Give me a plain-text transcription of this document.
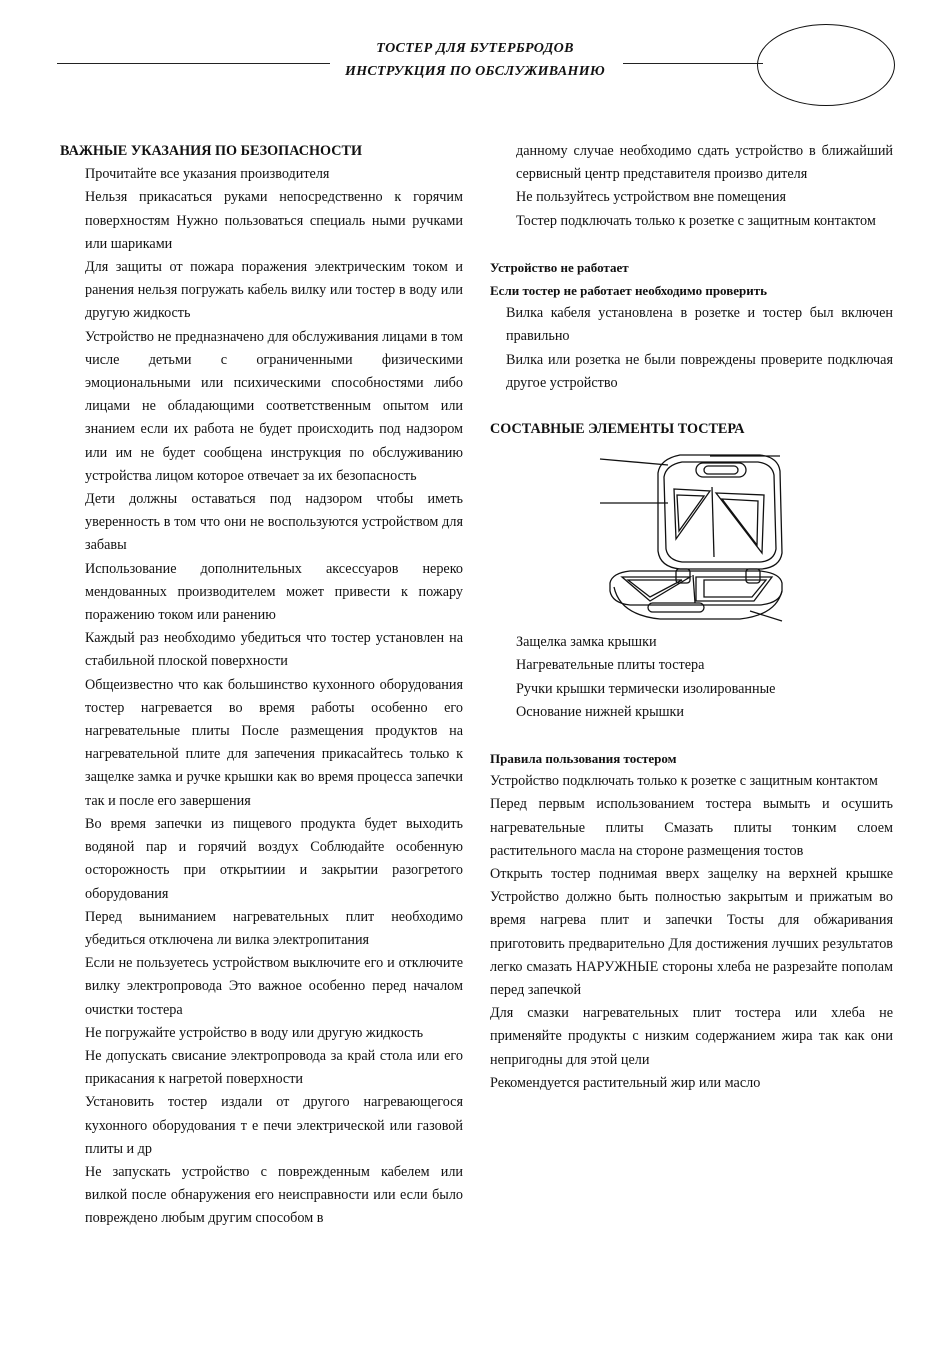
ТОСТЕР ДЛЯ БУТЕРБРОДОВ
ИНСТРУКЦИЯ ПО ОБСЛУЖИВАНИЮ
ВАЖНЫЕ УКАЗАНИЯ ПО БЕЗОПАСНОСТИ
Прочитайте все указания производителя
Нельзя прикасаться руками непосредственно к горячим поверхностям Нужно пользоваться специаль ными ручками или шариками
Для защиты от пожара поражения электрическим током и ранения нельзя погружать кабель вилку или тостер в воду или другую жидкость
Устройство не предназначено для обслуживания лицами в том числе детьми с ограниченными физическими эмоциональными или психическими способностями либо лицами не обладающими соответственным опытом или знанием если их работа не будет происходить под надзором или им не будет сообщена инструкция по обслуживанию устройства лицом которое отвечает за их безопасность
Дети должны оставаться под надзором чтобы иметь уверенность в том что они не воспользуются устройством для забавы
Использование дополнительных аксессуаров нереко мендованных производителем может привести к пожару поражению током или ранению
Каждый раз необходимо убедиться что тостер установлен на стабильной плоской поверхности
Общеизвестно что как большинство кухонного оборудования тостер нагревается во время работы особенно его нагревательные плиты После размещения продуктов на нагревательной плите для запечения прикасайтесь только к защелке замка и ручке крышки как во время процесса запечки так и после его завершения
Во время запечки из пищевого продукта будет выходить водяной пар и горячий воздух Соблюдайте особенную осторожность при открытиии и закрытии разогретого оборудования
Перед выниманием нагревательных плит необходимо убедиться отключена ли вилка электропитания
Если не пользуетесь устройством выключите его и отключите вилку электропровода Это важное особенно перед началом очистки тостера
Не погружайте устройство в воду или другую жидкость
Не допускать свисание электропровода за край стола или его прикасания к нагретой поверхности
Установить тостер издали от другого нагревающегося кухонного оборудования т е печи электрической или газовой плиты и др
Не запускать устройство с поврежденным кабелем или вилкой после обнаружения его неисправности или если было повреждено любым другим способом в
данному случае необходимо сдать устройство в ближайший сервисный центр представителя произво дителя
Не пользуйтесь устройством вне помещения
Тостер подключать только к розетке с защитным контактом
Устройство не работает
Если тостер не работает необходимо проверить
Вилка кабеля установлена в розетке и тостер был включен правильно
Вилка или розетка не были повреждены проверите подключая другое устройство
СОСТАВНЫЕ ЭЛЕМЕНТЫ ТОСТЕРА
Защелка замка крышки
Нагревательные плиты тостера
Ручки крышки термически изолированные
Основание нижней крышки
Правила пользования тостером
Устройство подключать только к розетке с защитным контактом
Перед первым использованием тостера вымыть и осушить нагревательные плиты Смазать плиты тонким слоем растительного масла на стороне размещения тостов
Открыть тостер поднимая вверх защелку на верхней крышке Устройство должно быть полностью закрытым и прижатым во время нагрева плит и запечки Тосты для обжаривания приготовить предварительно Для достижения лучших результатов легко смазать НАРУЖНЫЕ стороны хлеба не разрезайте пополам перед запечкой
Для смазки нагревательных плит тостера или хлеба не применяйте продукты с низким содержанием жира так как они непригодны для этой цели
Рекомендуется растительный жир или масло
